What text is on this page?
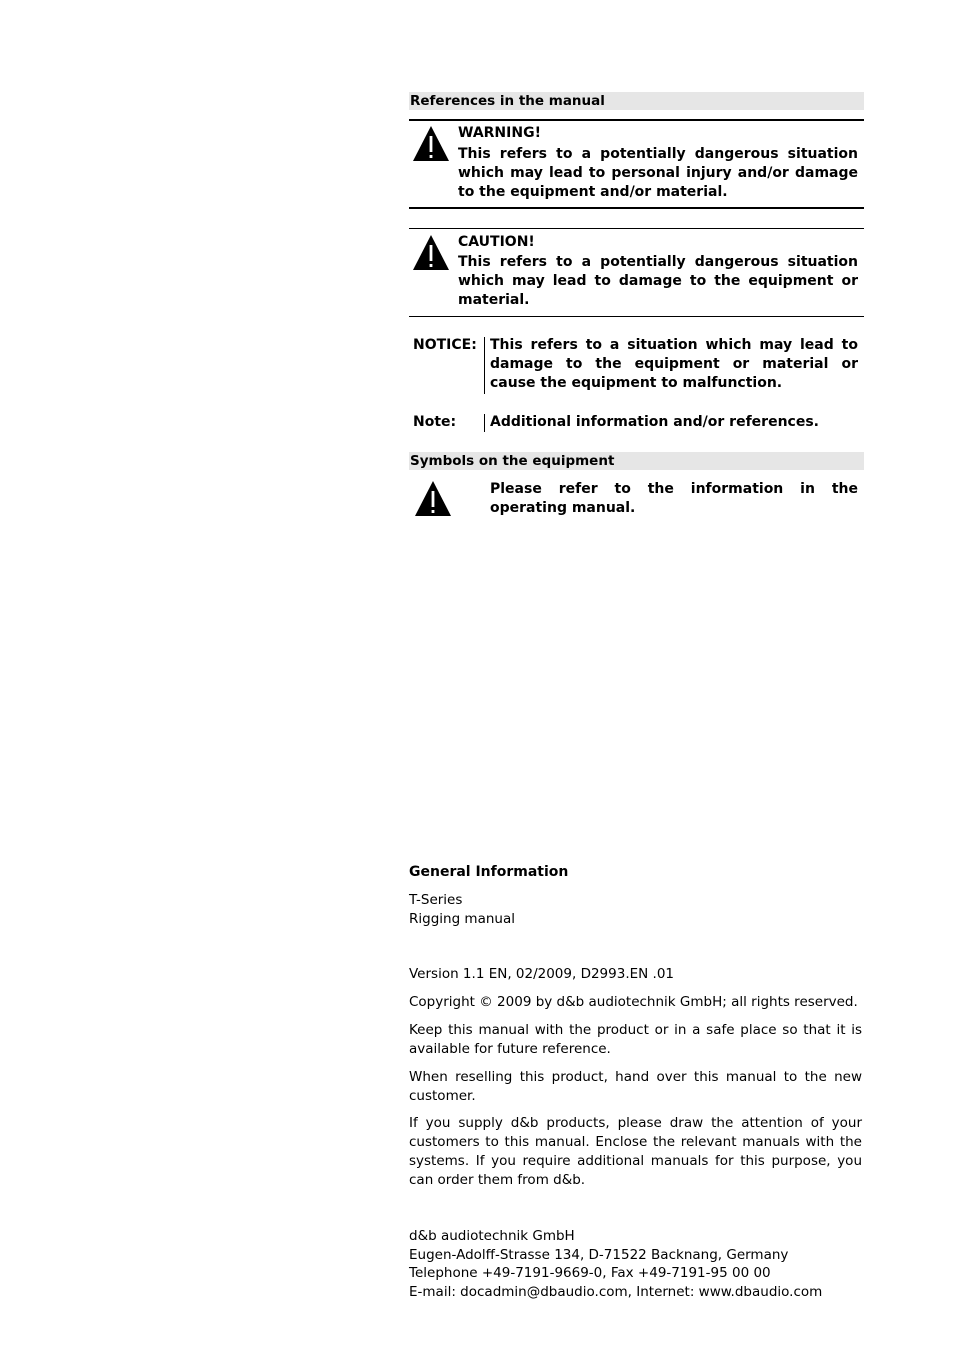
References in the manual
WARNING!
This refers to a potentially dangerous situation which may lead to personal injury and/or damage to the equipment and/or material.
CAUTION!
This refers to a potentially dangerous situation which may lead to damage to the equipment or material.
NOTICE: This refers to a situation which may lead to damage to the equipment or material or cause the equipment to malfunction.
Note: Additional information and/or references.
Symbols on the equipment
Please refer to the information in the operating manual.
General Information
T-Series
Rigging manual
Version 1.1 EN, 02/2009, D2993.EN .01
Copyright © 2009 by d&b audiotechnik GmbH; all rights reserved.
Keep this manual with the product or in a safe place so that it is available for future reference.
When reselling this product, hand over this manual to the new customer.
If you supply d&b products, please draw the attention of your customers to this manual. Enclose the relevant manuals with the systems. If you require additional manuals for this purpose, you can order them from d&b.
d&b audiotechnik GmbH
Eugen-Adolff-Strasse 134, D-71522 Backnang, Germany
Telephone +49-7191-9669-0, Fax +49-7191-95 00 00
E-mail: docadmin@dbaudio.com, Internet: www.dbaudio.com
